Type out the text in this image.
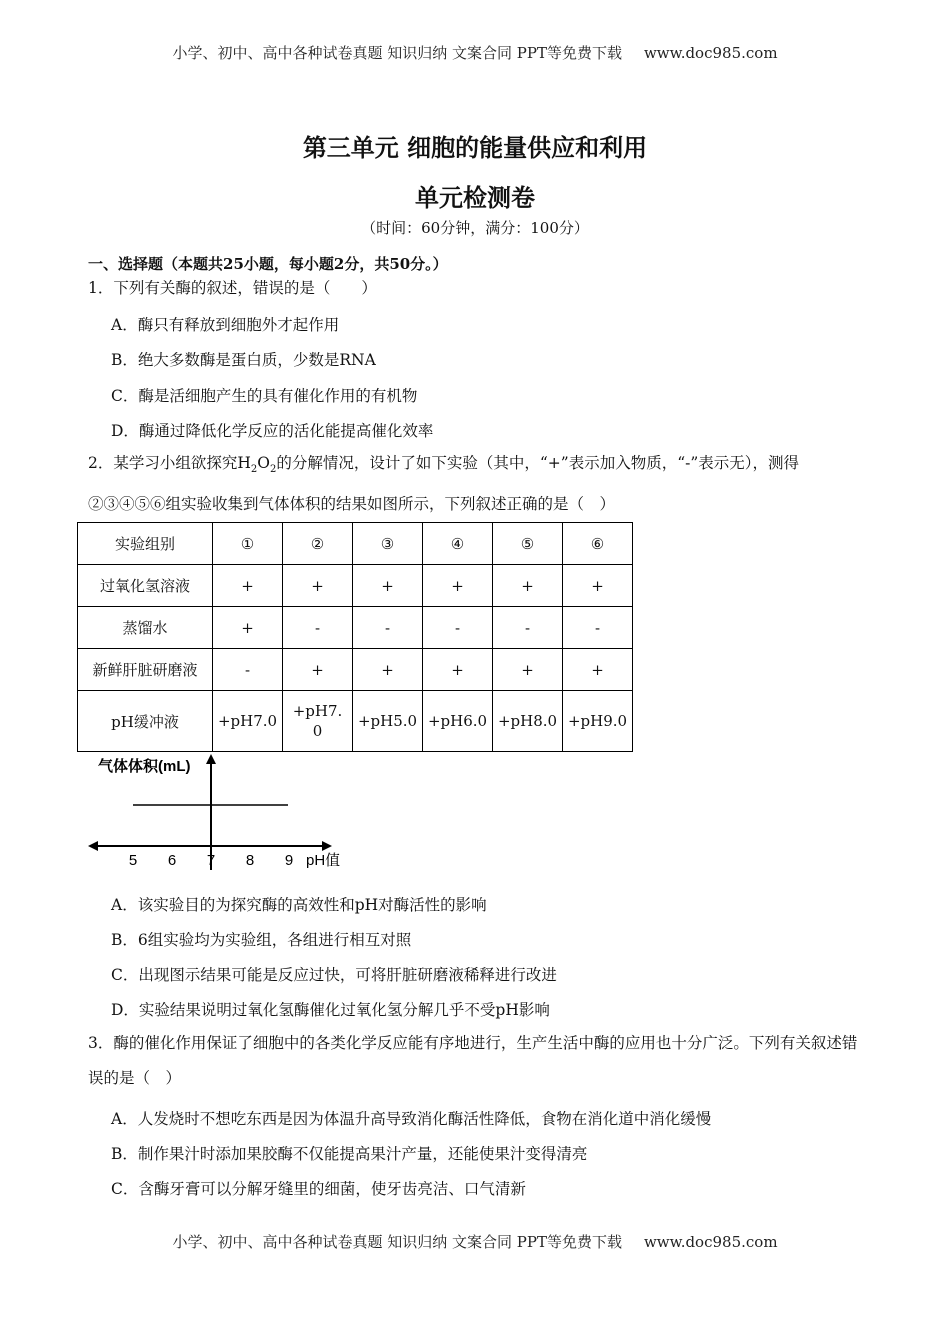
小学、初中、高中各种试卷真题 知识归纳 文案合同 PPT等免费下载 www.doc985.com
第三单元 细胞的能量供应和利用
单元检测卷
（时间：60分钟，满分：100分）
一、选择题（本题共25小题，每小题2分，共50分。）
1．下列有关酶的叙述，错误的是（　　）
A．酶只有释放到细胞外才起作用
B．绝大多数酶是蛋白质，少数是RNA
C．酶是活细胞产生的具有催化作用的有机物
D．酶通过降低化学反应的活化能提高催化效率
2．某学习小组欲探究$H_2O_2$的分解情况，设计了如下实验（其中，“+”表示加入物质，“-”表示无），测得②③④⑤⑥组实验收集到气体体积的结果如图所示，下列叙述正确的是（　）
实验组别	①	②	③	④	⑤	⑥
过氧化氢溶液	+	+	+	+	+	+
蒸馏水	+	-	-	-	-	-
新鲜肝脏研磨液	-	+	+	+	+	+
pH缓冲液	+pH7.0	+pH7.0	+pH5.0	+pH6.0	+pH8.0	+pH9.0
气体体积(mL)
5 6 7 8 9 pH值
A．该实验目的为探究酶的高效性和pH对酶活性的影响
B．6组实验均为实验组，各组进行相互对照
C．出现图示结果可能是反应过快，可将肝脏研磨液稀释进行改进
D．实验结果说明过氧化氢酶催化过氧化氢分解几乎不受pH影响
3．酶的催化作用保证了细胞中的各类化学反应能有序地进行，生产生活中酶的应用也十分广泛。下列有关叙述错误的是（　）
A．人发烧时不想吃东西是因为体温升高导致消化酶活性降低，食物在消化道中消化缓慢
B．制作果汁时添加果胶酶不仅能提高果汁产量，还能使果汁变得清亮
C．含酶牙膏可以分解牙缝里的细菌，使牙齿亮洁、口气清新
小学、初中、高中各种试卷真题 知识归纳 文案合同 PPT等免费下载 www.doc985.com
